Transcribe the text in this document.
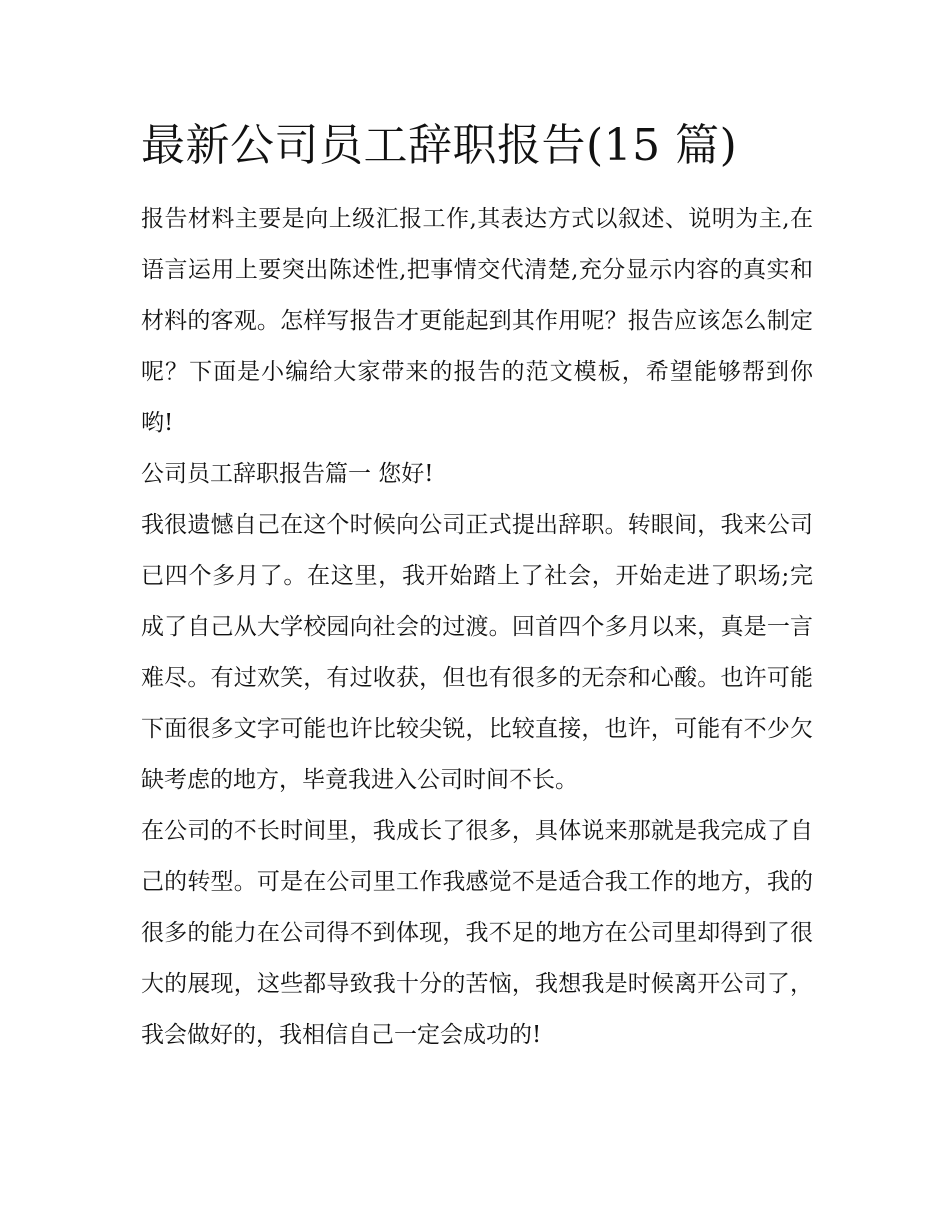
最新公司员工辞职报告(15 篇)

报告材料主要是向上级汇报工作,其表达方式以叙述、说明为主,在语言运用上要突出陈述性,把事情交代清楚,充分显示内容的真实和材料的客观。怎样写报告才更能起到其作用呢？报告应该怎么制定呢？下面是小编给大家带来的报告的范文模板，希望能够帮到你哟!

公司员工辞职报告篇一 您好!

我很遗憾自己在这个时候向公司正式提出辞职。转眼间，我来公司已四个多月了。在这里，我开始踏上了社会，开始走进了职场;完成了自己从大学校园向社会的过渡。回首四个多月以来，真是一言难尽。有过欢笑，有过收获，但也有很多的无奈和心酸。也许可能下面很多文字可能也许比较尖锐，比较直接，也许，可能有不少欠缺考虑的地方，毕竟我进入公司时间不长。

在公司的不长时间里，我成长了很多，具体说来那就是我完成了自己的转型。可是在公司里工作我感觉不是适合我工作的地方，我的很多的能力在公司得不到体现，我不足的地方在公司里却得到了很大的展现，这些都导致我十分的苦恼，我想我是时候离开公司了，我会做好的，我相信自己一定会成功的!
